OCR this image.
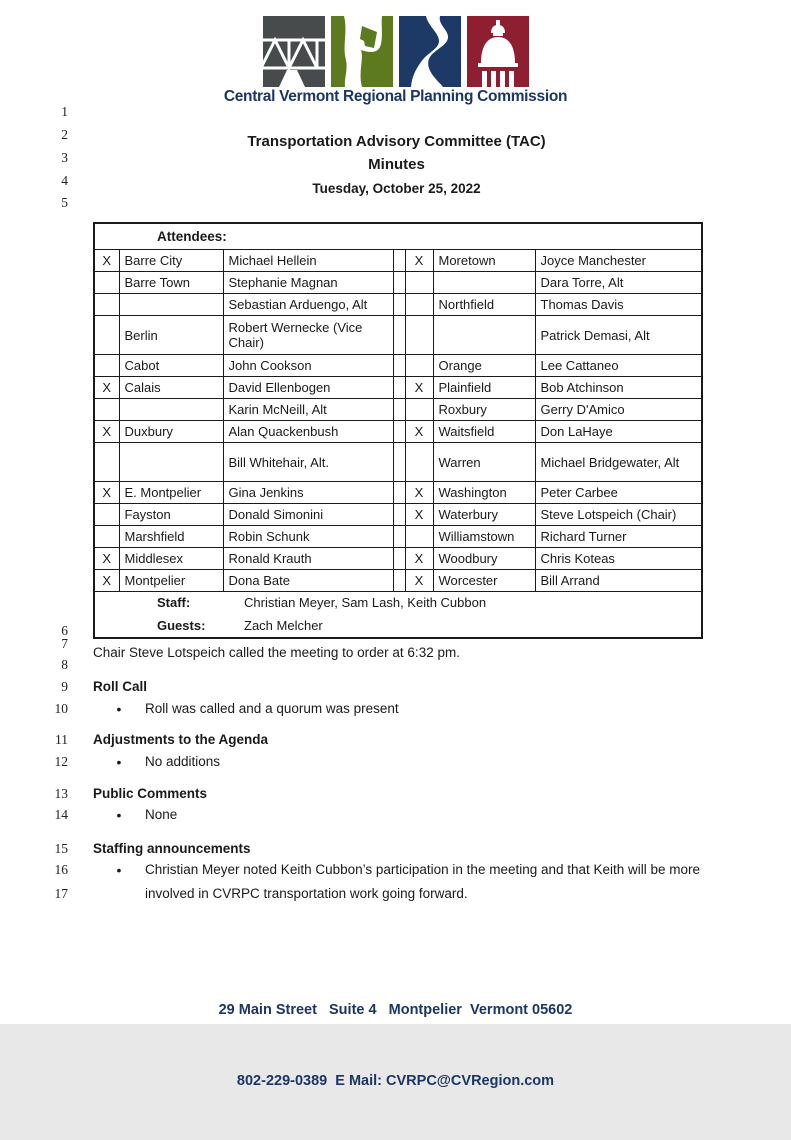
Central Vermont Regional Planning Commission
1
2
3
4
5
6
7
8
9
10
11
12
13
14
15
16
17
Transportation Advisory Committee (TAC)
Minutes
Tuesday, October 25, 2022
Attendees:						
X	Barre City	Michael Hellein		X	Moretown	Joyce Manchester
	Barre Town	Stephanie Magnan				Dara Torre, Alt
		Sebastian Arduengo, Alt			Northfield	Thomas Davis
	Berlin	Robert Wernecke (Vice Chair)				Patrick Demasi, Alt
	Cabot	John Cookson			Orange	Lee Cattaneo
X	Calais	David Ellenbogen		X	Plainfield	Bob Atchinson
		Karin McNeill, Alt			Roxbury	Gerry D'Amico
X	Duxbury	Alan Quackenbush		X	Waitsfield	Don LaHaye
		Bill Whitehair, Alt.			Warren	Michael Bridgewater, Alt
X	E. Montpelier	Gina Jenkins		X	Washington	Peter Carbee
	Fayston	Donald Simonini		X	Waterbury	Steve Lotspeich (Chair)
	Marshfield	Robin Schunk			Williamstown	Richard Turner
X	Middlesex	Ronald Krauth		X	Woodbury	Chris Koteas
X	Montpelier	Dona Bate		X	Worcester	Bill Arrand

Staff: Christian Meyer, Sam Lash, Keith Cubbon						

Guests: Zach Melcher						
Chair Steve Lotspeich called the meeting to order at 6:32 pm.
Roll Call
•
Roll was called and a quorum was present
Adjustments to the Agenda
•
No additions
Public Comments
•
None
Staffing announcements
•
Christian Meyer noted Keith Cubbon’s participation in the meeting and that Keith will be more involved in CVRPC transportation work going forward.

29 Main Street   Suite 4   Montpelier  Vermont 05602

802-229-0389  E Mail: CVRPC@CVRegion.com
